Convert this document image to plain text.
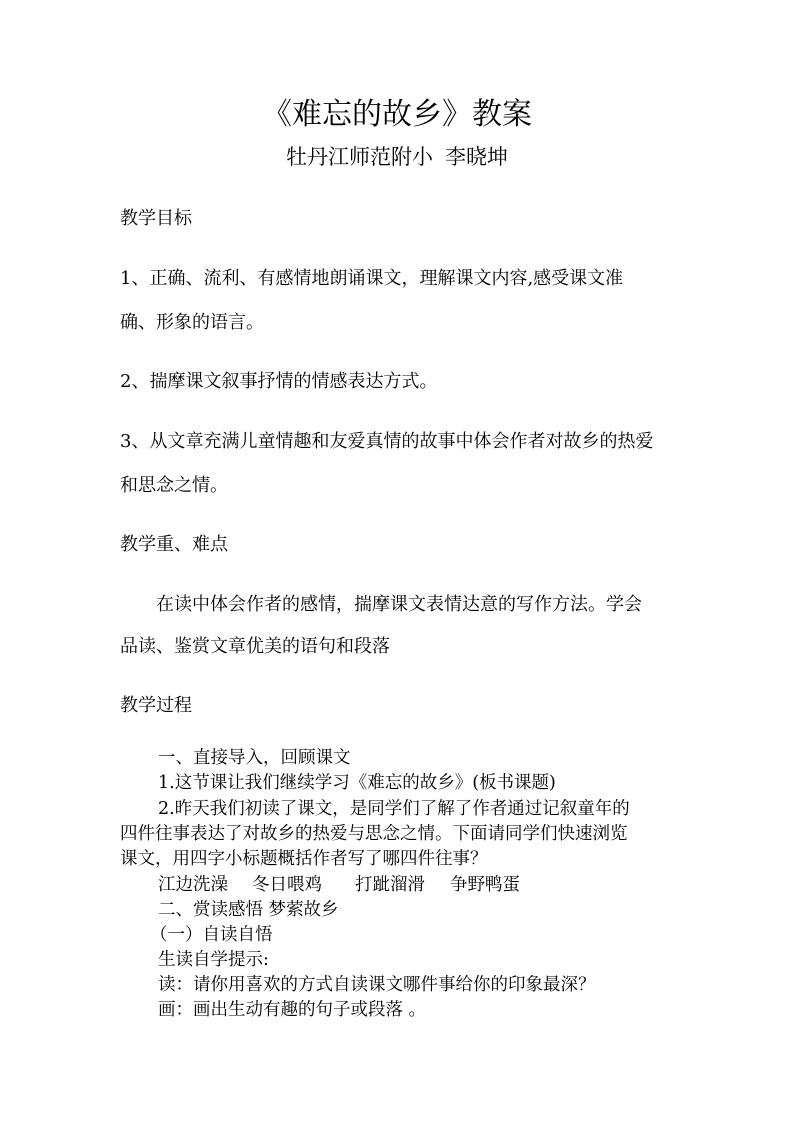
《难忘的故乡》教案
牡丹江师范附小 李晓坤
教学目标
1、正确、流利、有感情地朗诵课文，理解课文内容,感受课文准
确、形象的语言。
2、揣摩课文叙事抒情的情感表达方式。
3、从文章充满儿童情趣和友爱真情的故事中体会作者对故乡的热爱
和思念之情。
教学重、难点
在读中体会作者的感情，揣摩课文表情达意的写作方法。学会
品读、鉴赏文章优美的语句和段落
教学过程
一、直接导入，回顾课文
1.这节课让我们继续学习《难忘的故乡》(板书课题)
2.昨天我们初读了课文，是同学们了解了作者通过记叙童年的
四件往事表达了对故乡的热爱与思念之情。下面请同学们快速浏览
课文，用四字小标题概括作者写了哪四件往事？
江边洗澡 冬日喂鸡 打跐溜滑 争野鸭蛋
二、赏读感悟 梦萦故乡
（一）自读自悟
生读自学提示:
读：请你用喜欢的方式自读课文哪件事给你的印象最深？
画：画出生动有趣的句子或段落 。
